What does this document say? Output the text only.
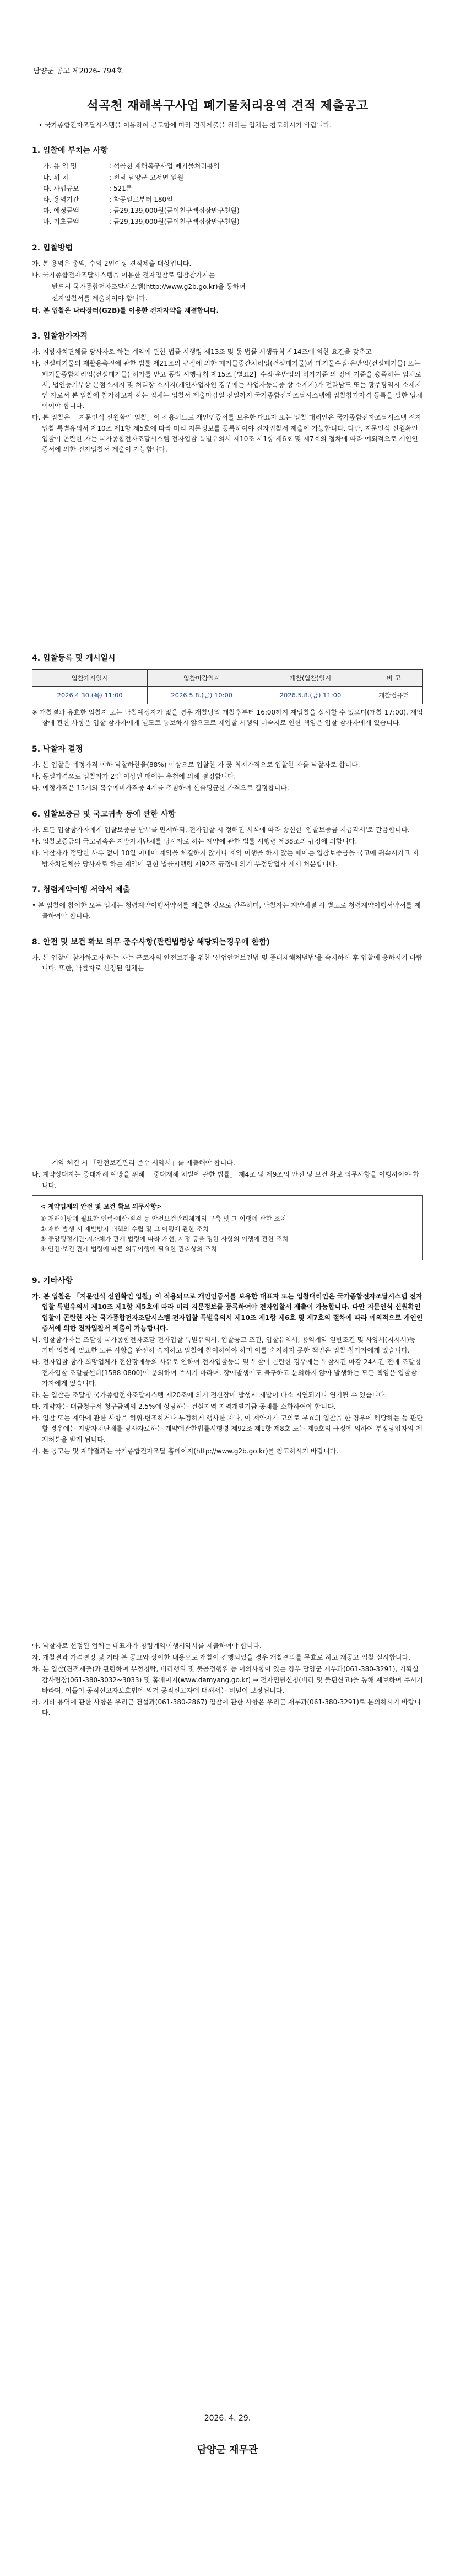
담양군 공고 제2026- 794호
석곡천 재해복구사업 폐기물처리용역 견적 제출공고
• 국가종합전자조달시스템을 이용하여 공고함에 따라 견적제출을 원하는 업체는 참고하시기 바랍니다.
1. 입찰에 부치는 사항
가. 용 역 명	: 석곡천 재해복구사업 폐기물처리용역
나. 위 치	: 전남 담양군 고서면 일원
다. 사업규모	: 521톤
라. 용역기간	: 착공일로부터 180일
마. 예정금액	: 금29,139,000원(금이천구백십삼만구천원)
바. 기초금액	: 금29,139,000원(금이천구백십삼만구천원)
2. 입찰방법

가. 본 용역은 총액, 수의 2인이상 견적제출 대상입니다.

나. 국가종합전자조달시스템을 이용한 전자입찰로 입찰참가자는

반드시 국가종합전자조달시스템(http://www.g2b.go.kr)을 통하여

전자입찰서를 제출하여야 합니다.

다. 본 입찰은 나라장터(G2B)를 이용한 전자자약을 체결합니다.

3. 입찰참가자격

가. 지방자치단체를 당사자로 하는 계약에 관한 법률 시행령 제13조 및 동 법률 시행규칙 제14조에 의한 요건을 갖추고

나. 건설폐기물의 재활용촉진에 관한 법률 제21조의 규정에 의한 폐기물중간처리업(건설폐기물)과 폐기물수집·운반업(건설폐기물) 또는 폐기물종합처리업(건설폐기물) 허가를 받고 동법 시행규칙 제15조 [별표2] '수집·운반업의 허가기준'의 장비 기준을 충족하는 업체로서, 법인등기부상 본점소재지 및 처리장 소재지(개인사업자인 경우에는 사업자등록증 상 소재지)가 전라남도 또는 광주광역시 소재지인 자로서 본 입찰에 참가하고자 하는 업체는 입찰서 제출마감일 전일까지 국가종합전자조달시스템에 입찰참가자격 등록을 필한 업체이어야 합니다.

다. 본 입찰은 「지문인식 신원확인 입찰」이 적용되므로 개인인증서를 보유한 대표자 또는 입찰 대리인은 국가종합전자조달시스템 전자입찰 특별유의서 제10조 제1항 제5호에 따라 미리 지문정보를 등록하여야 전자입찰서 제출이 가능합니다. 다만, 지문인식 신원확인 입찰이 곤란한 자는 국가종합전자조달시스템 전자입찰 특별유의서 제10조 제1항 제6호 및 제7호의 절차에 따라 예외적으로 개인인증서에 의한 전자입찰서 제출이 가능합니다.

4. 입찰등록 및 개시일시
입찰개시일시	입찰마감일시	개찰(입찰)일시	비 고
2026.4.30.(목) 11:00	2026.5.8.(금) 10:00	2026.5.8.(금) 11:00	개찰컴퓨터

※ 개찰결과 유효한 입찰자 또는 낙찰예정자가 없을 경우 개찰당일 개찰후부터 16:00까지 재입찰을 실시할 수 있으며(개찰 17:00), 재입찰에 관한 사항은 입찰 참가자에게 별도로 통보하지 않으므로 재입찰 시행의 미숙지로 인한 책임은 입찰 참가자에게 있습니다.

5. 낙찰자 결정

가. 본 입찰은 예정가격 이하 낙찰하한율(88%) 이상으로 입찰한 자 중 최저가격으로 입찰한 자를 낙찰자로 합니다.

나. 동일가격으로 입찰자가 2인 이상인 때에는 추첨에 의해 결정합니다.

다. 예정가격은 15개의 복수예비가격중 4개를 추첨하여 산술평균한 가격으로 결정합니다.

6. 입찰보증금 및 국고귀속 등에 관한 사항

가. 모든 입찰참가자에게 입찰보증금 납부를 면제하되, 전자입찰 시 정해진 서식에 따라 송신한 '입찰보증금 지급각서'로 갈음합니다.

나. 입찰보증금의 국고귀속은 지방자치단체를 당사자로 하는 계약에 관한 법률 시행령 제38조의 규정에 의합니다.

다. 낙찰자가 정당한 사유 없이 10일 이내에 계약을 체결하지 않거나 계약 이행을 하지 않는 때에는 입찰보증금을 국고에 귀속시키고 지방자치단체를 당사자로 하는 계약에 관한 법률시행령 제92조 규정에 의거 부정당업자 제재 처분합니다.

7. 청렴계약이행 서약서 제출

• 본 입찰에 참여한 모든 업체는 청렴계약이행서약서를 제출한 것으로 간주하며, 낙찰자는 계약체결 시 별도로 청렴계약이행서약서를 제출하여야 합니다.

8. 안전 및 보건 확보 의무 준수사항(관련법령상 해당되는경우에 한함)

가. 본 입찰에 참가하고자 하는 자는 근로자의 안전보건을 위한 '산업안전보건법 및 중대재해처벌법'을 숙지하신 후 입찰에 응하시기 바랍니다. 또한, 낙찰자로 선정된 업체는

계약 체결 시 「안전보건관리 준수 서약서」를 제출해야 합니다.

나. 계약상대자는 중대재해 예방을 위해 「중대재해 처벌에 관한 법률」 제4조 및 제9조의 안전 및 보건 확보 의무사항을 이행하여야 합니다.

< 계약업체의 안전 및 보건 확보 의무사항>
① 재해예방에 필요한 인력·예산·점검 등 안전보건관리체계의 구축 및 그 이행에 관한 조치
② 재해 발생 시 재발방지 대책의 수립 및 그 이행에 관한 조치
③ 중앙행정기관·지자체가 관계 법령에 따라 개선, 시정 등을 명한 사항의 이행에 관한 조치
④ 안전·보건 관계 법령에 따른 의무이행에 필요한 관리상의 조치
9. 기타사항

가. 본 입찰은 「지문인식 신원확인 입찰」이 적용되므로 개인인증서를 보유한 대표자 또는 입찰대리인은 국가종합전자조달시스템 전자입찰 특별유의서 제10조 제1항 제5호에 따라 미리 지문정보를 등록하여야 전자입찰서 제출이 가능합니다. 다만 지문인식 신원확인 입찰이 곤란한 자는 국가종합전자조달시스템 전자입찰 특별유의서 제10조 제1항 제6호 및 제7호의 절차에 따라 예외적으로 개인인증서에 의한 전자입찰서 제출이 가능합니다.

나. 입찰참가자는 조달청 국가종합전자조달 전자입찰 특별유의서, 입찰공고 조건, 입찰유의서, 용역계약 일반조건 및 사양서(지시서)등 기타 입찰에 필요한 모든 사항을 완전히 숙지하고 입찰에 참여하여야 하며 이를 숙지하지 못한 책임은 입찰 참가자에게 있습니다.

다. 전자입찰 참가 희망업체가 전산장애등의 사유로 인하여 전자입찰등록 및 투찰이 곤란한 경우에는 투찰시간 마감 24시간 전에 조달청 전자입찰 조달콜센터(1588-0800)에 문의하여 주시기 바라며, 장애발생에도 불구하고 문의하지 않아 발생하는 모든 책임은 입찰참가자에게 있습니다.

라. 본 입찰은 조달청 국가종합전자조달시스템 제20조에 의거 전산장애 발생시 재발이 다소 지연되거나 연기될 수 있습니다.

마. 계약자는 대금청구서 청구금액의 2.5%에 상당하는 건설지역 지역개발기금 공채를 소화하여야 합니다.

바. 입찰 또는 계약에 관한 사항을 허위·변조하거나 부정하게 행사한 자나, 이 계약자가 고의로 무효의 입찰을 한 경우에 해당하는 등 판단할 경우에는 지방자치단체를 당사자로하는 계약에관한법률시행령 제92조 제1항 제8호 또는 제9호의 규정에 의하여 부정당업자의 제재처분을 받게 됩니다.

사. 본 공고는 및 계약결과는 국가종합전자조달 홈페이지(http://www.g2b.go.kr)를 참고하시기 바랍니다.

아. 낙찰자로 선정된 업체는 대표자가 청렴계약이행서약서를 제출하여야 합니다.

자. 개찰결과 가격결정 및 기타 본 공고와 상이한 내용으로 개찰이 진행되었을 경우 개찰결과를 무효로 하고 재공고 입찰 실시합니다.

차. 본 입찰(견적제출)과 관련하여 부정청탁, 비리행위 및 불공정행위 등 이의사항이 있는 경우 담양군 재무과(061-380-3291), 기획실 감사팀장(061-380-3032~3033) 및 홈페이지(www.damyang.go.kr) → 전자민원신청(비리 및 불편신고)을 통해 제보하여 주시기 바라며, 이들이 공직신고자보호법에 의거 공직신고자에 대해서는 비밀이 보장됩니다.

카. 기타 용역에 관한 사항은 우리군 건설과(061-380-2867) 입찰에 관한 사항은 우리군 재무과(061-380-3291)로 문의하시기 바랍니다.

2026. 4. 29.
담양군 재무관
